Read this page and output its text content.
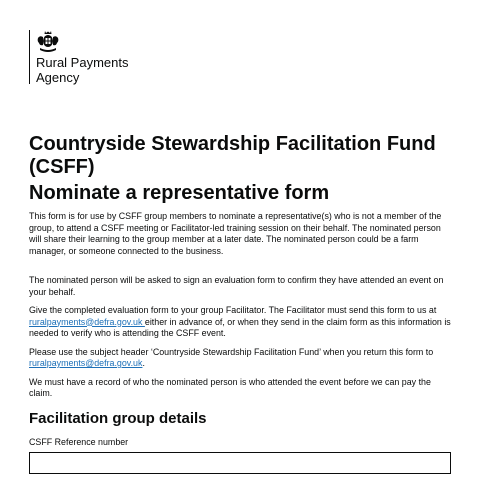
Rural Payments
Agency
Countryside Stewardship Facilitation Fund (CSFF)
Nominate a representative form

This form is for use by CSFF group members to nominate a representative(s) who is not a member of the group, to attend a CSFF meeting or Facilitator-led training session on their behalf. The nominated person will share their learning to the group member at a later date. The nominated person could be a farm manager, or someone connected to the business.

The nominated person will be asked to sign an evaluation form to confirm they have attended an event on your behalf.

Give the completed evaluation form to your group Facilitator. The Facilitator must send this form to us at ruralpayments@defra.gov.uk either in advance of, or when they send in the claim form as this information is needed to verify who is attending the CSFF event.

Please use the subject header ‘Countryside Stewardship Facilitation Fund’ when you return this form to ruralpayments@defra.gov.uk.

We must have a record of who the nominated person is who attended the event before we can pay the claim.

Facilitation group details
CSFF Reference number
